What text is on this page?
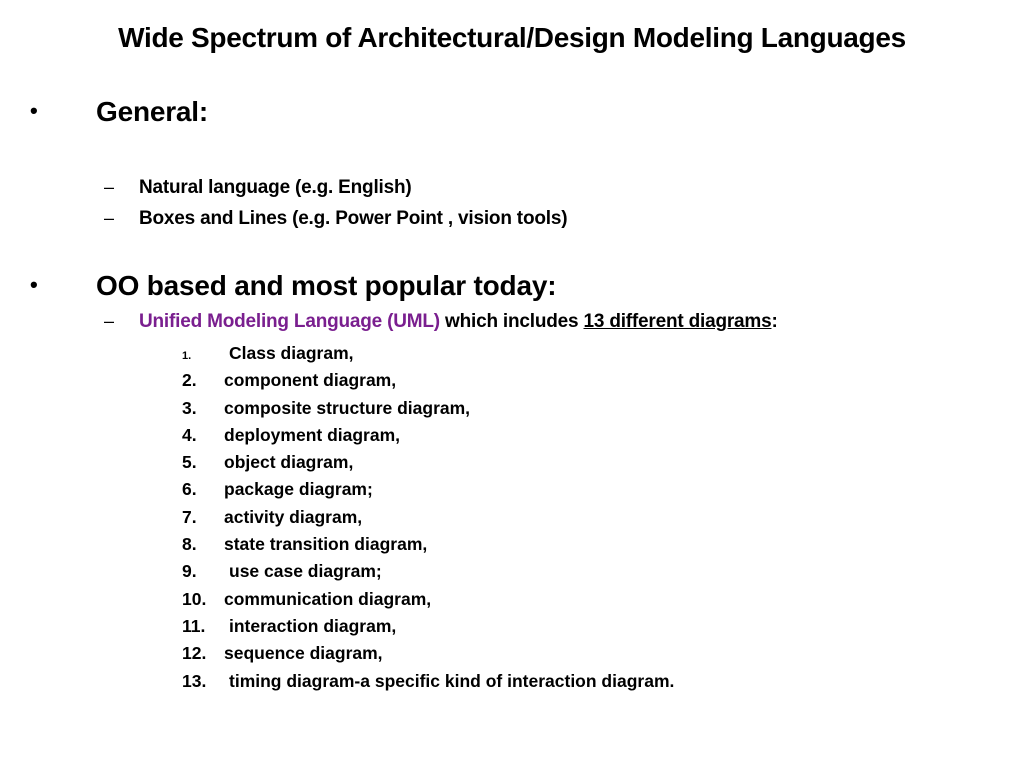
Wide Spectrum of Architectural/Design Modeling Languages
• General:
– Natural language (e.g. English)
– Boxes and Lines (e.g. Power Point , vision tools)
• OO based and most popular today:
– Unified Modeling Language (UML) which includes 13 different diagrams:
1.	Class diagram,
2.	component diagram,
3.	composite structure diagram,
4.	deployment diagram,
5.	object diagram,
6.	package diagram;
7.	activity diagram,
8.	state transition diagram,
9.	use case diagram;
10.	communication diagram,
11.	interaction diagram,
12.	sequence diagram,
13.	timing diagram-a specific kind of interaction diagram.
